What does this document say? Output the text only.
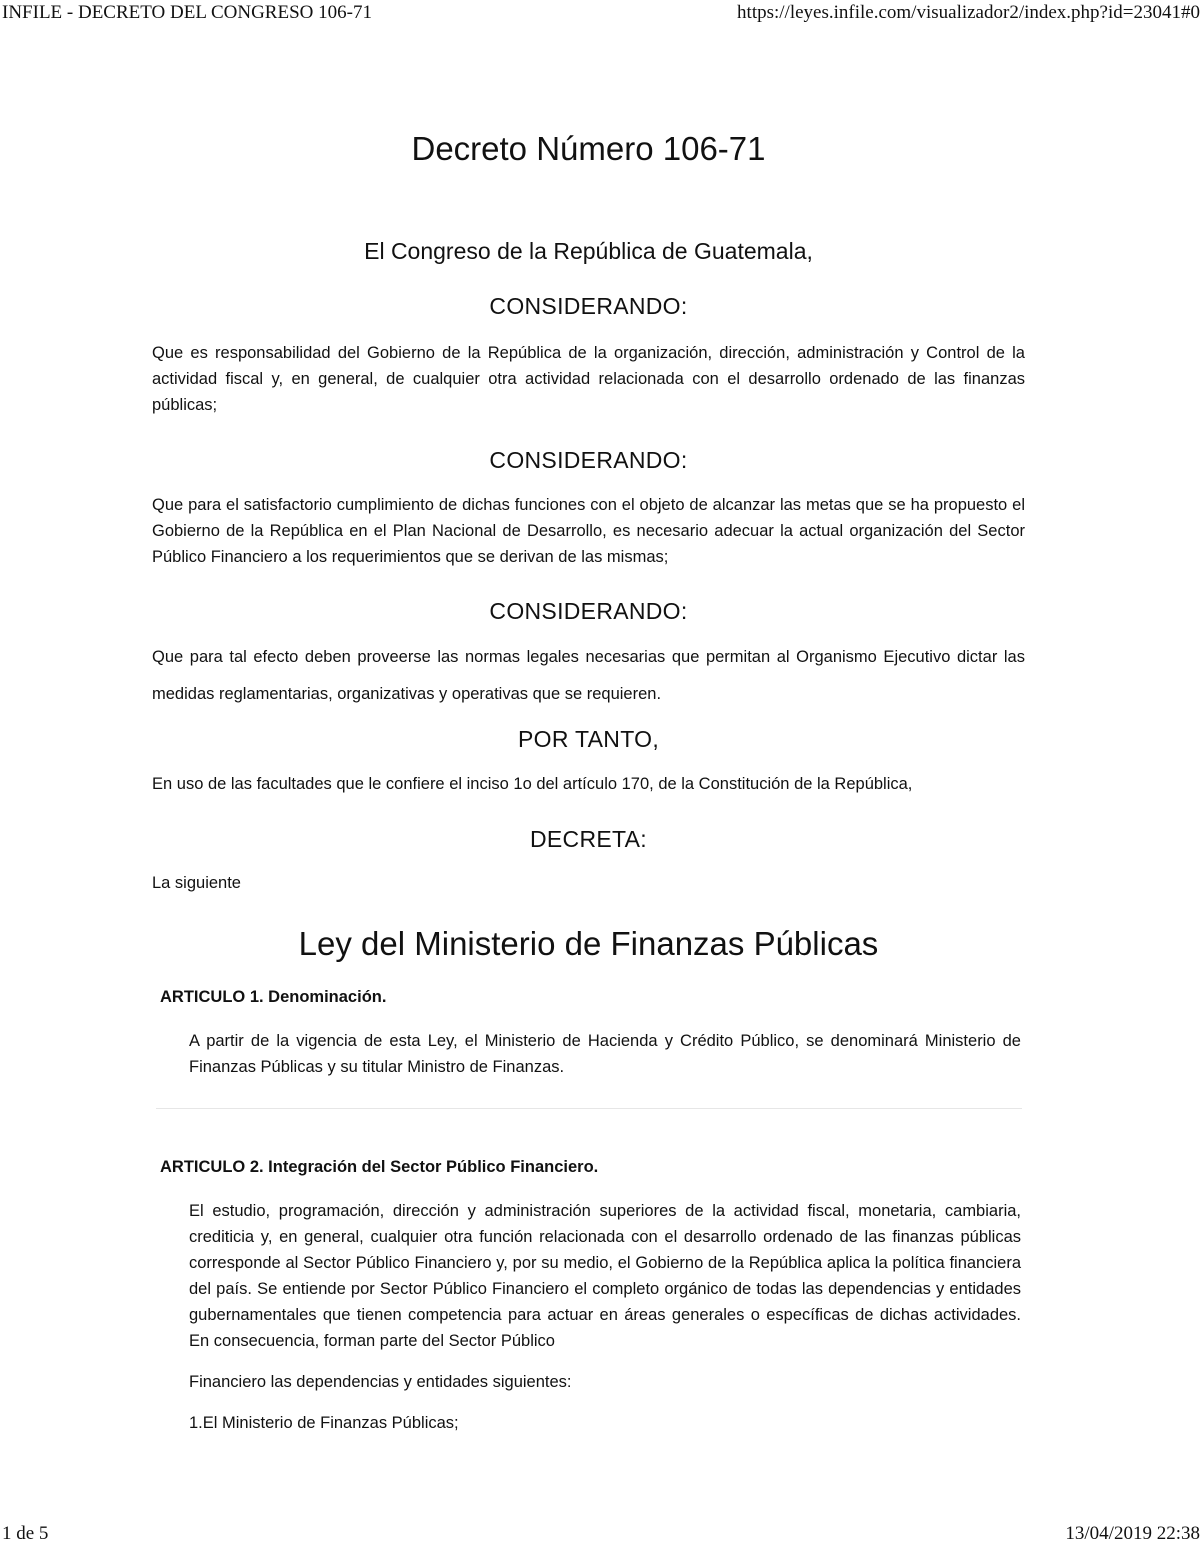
INFILE - DECRETO DEL CONGRESO 106-71	https://leyes.infile.com/visualizador2/index.php?id=23041#0
Decreto Número 106-71
El Congreso de la República de Guatemala,
CONSIDERANDO:

Que es responsabilidad del Gobierno de la República de la organización, dirección, administración y Control de la actividad fiscal y, en general, de cualquier otra actividad relacionada con el desarrollo ordenado de las finanzas públicas;

CONSIDERANDO:

Que para el satisfactorio cumplimiento de dichas funciones con el objeto de alcanzar las metas que se ha propuesto el Gobierno de la República en el Plan Nacional de Desarrollo, es necesario adecuar la actual organización del Sector Público Financiero a los requerimientos que se derivan de las mismas;

CONSIDERANDO:

Que para tal efecto deben proveerse las normas legales necesarias que permitan al Organismo Ejecutivo dictar las medidas reglamentarias, organizativas y operativas que se requieren.

POR TANTO,

En uso de las facultades que le confiere el inciso 1o del artículo 170, de la Constitución de la República,

DECRETA:

La siguiente

Ley del Ministerio de Finanzas Públicas
ARTICULO 1. Denominación.

A partir de la vigencia de esta Ley, el Ministerio de Hacienda y Crédito Público, se denominará Ministerio de Finanzas Públicas y su titular Ministro de Finanzas.

ARTICULO 2. Integración del Sector Público Financiero.

El estudio, programación, dirección y administración superiores de la actividad fiscal, monetaria, cambiaria, crediticia y, en general, cualquier otra función relacionada con el desarrollo ordenado de las finanzas públicas corresponde al Sector Público Financiero y, por su medio, el Gobierno de la República aplica la política financiera del país. Se entiende por Sector Público Financiero el completo orgánico de todas las dependencias y entidades gubernamentales que tienen competencia para actuar en áreas generales o específicas de dichas actividades. En consecuencia, forman parte del Sector Público

Financiero las dependencias y entidades siguientes:

1.El Ministerio de Finanzas Públicas;

1 de 5	13/04/2019 22:38
